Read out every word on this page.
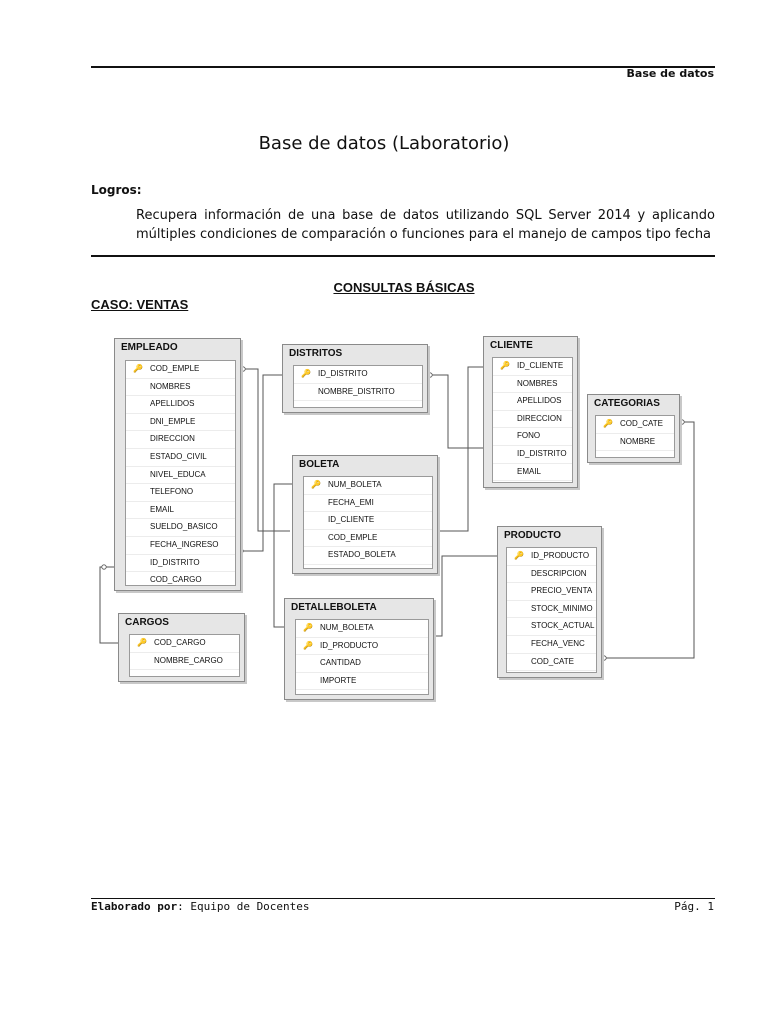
Base de datos
Base de datos (Laboratorio)
Logros:
Recupera información de una base de datos utilizando SQL Server 2014 y aplicando
múltiples condiciones de comparación o funciones para el manejo de campos tipo fecha
CONSULTAS BÁSICAS
CASO: VENTAS
EMPLEADO
🔑 COD_EMPLE
NOMBRES
APELLIDOS
DNI_EMPLE
DIRECCION
ESTADO_CIVIL
NIVEL_EDUCA
TELEFONO
EMAIL
SUELDO_BASICO
FECHA_INGRESO
ID_DISTRITO
COD_CARGO
DISTRITOS
🔑 ID_DISTRITO
NOMBRE_DISTRITO
CLIENTE
🔑 ID_CLIENTE
NOMBRES
APELLIDOS
DIRECCION
FONO
ID_DISTRITO
EMAIL
CATEGORIAS
🔑 COD_CATE
NOMBRE
BOLETA
🔑 NUM_BOLETA
FECHA_EMI
ID_CLIENTE
COD_EMPLE
ESTADO_BOLETA
PRODUCTO
🔑 ID_PRODUCTO
DESCRIPCION
PRECIO_VENTA
STOCK_MINIMO
STOCK_ACTUAL
FECHA_VENC
COD_CATE
CARGOS
🔑 COD_CARGO
NOMBRE_CARGO
DETALLEBOLETA
🔑 NUM_BOLETA
🔑 ID_PRODUCTO
CANTIDAD
IMPORTE
Elaborado por: Equipo de Docentes	Pág. 1
